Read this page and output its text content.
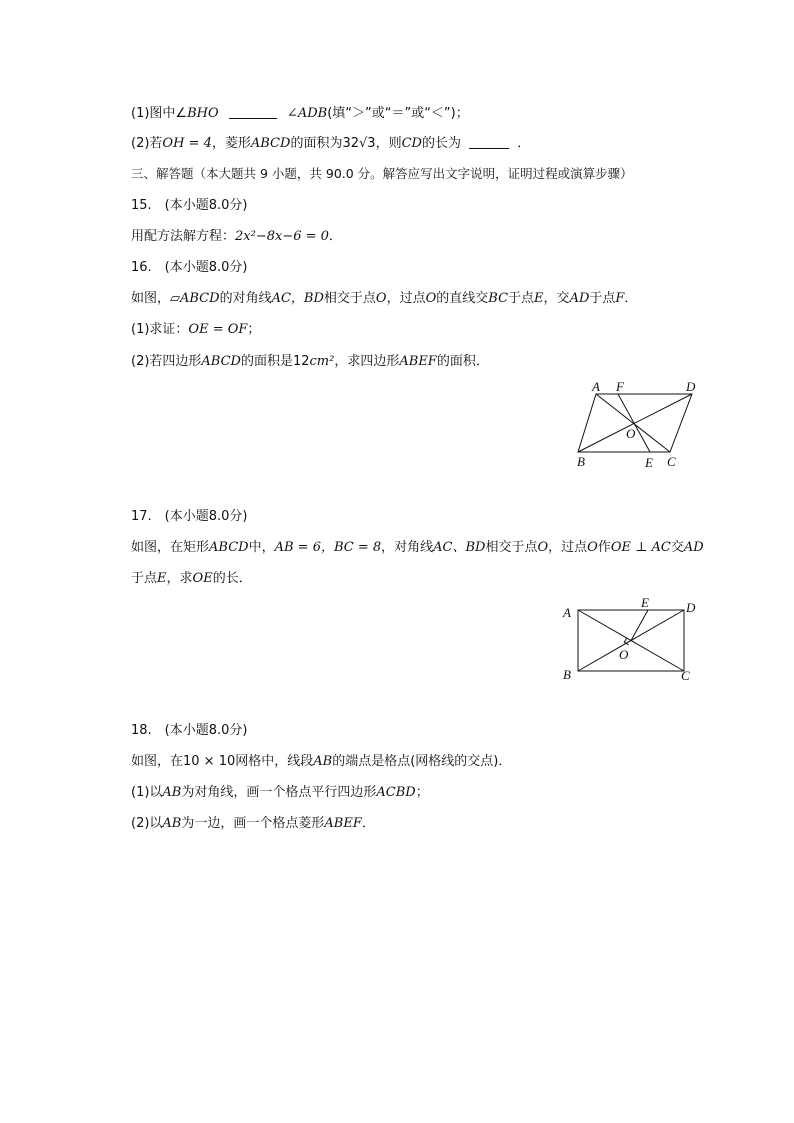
(1)图中∠BHO	∠ADB(填“＞”或“＝”或“＜”)；
(2)若OH = 4，菱形ABCD的面积为32√3，则CD的长为	．
三、解答题（本大题共 9 小题，共 90.0 分。解答应写出文字说明，证明过程或演算步骤）
15.　(本小题8.0分)
用配方法解方程：2x²−8x−6 = 0．
16.　(本小题8.0分)
如图，▱ABCD的对角线AC，BD相交于点O，过点O的直线交BC于点E，交AD于点F．
(1)求证：OE = OF；
(2)若四边形ABCD的面积是12cm²，求四边形ABEF的面积．
A F	D
O
B	E C
17.　(本小题8.0分)
如图，在矩形ABCD中，AB = 6，BC = 8，对角线AC、BD相交于点O，过点O作OE ⊥ AC交AD
于点E，求OE的长．
A
E	D
O
B	C
18.　(本小题8.0分)
如图，在10 × 10网格中，线段AB的端点是格点(网格线的交点)．
(1)以AB为对角线，画一个格点平行四边形ACBD；
(2)以AB为一边，画一个格点菱形ABEF．
